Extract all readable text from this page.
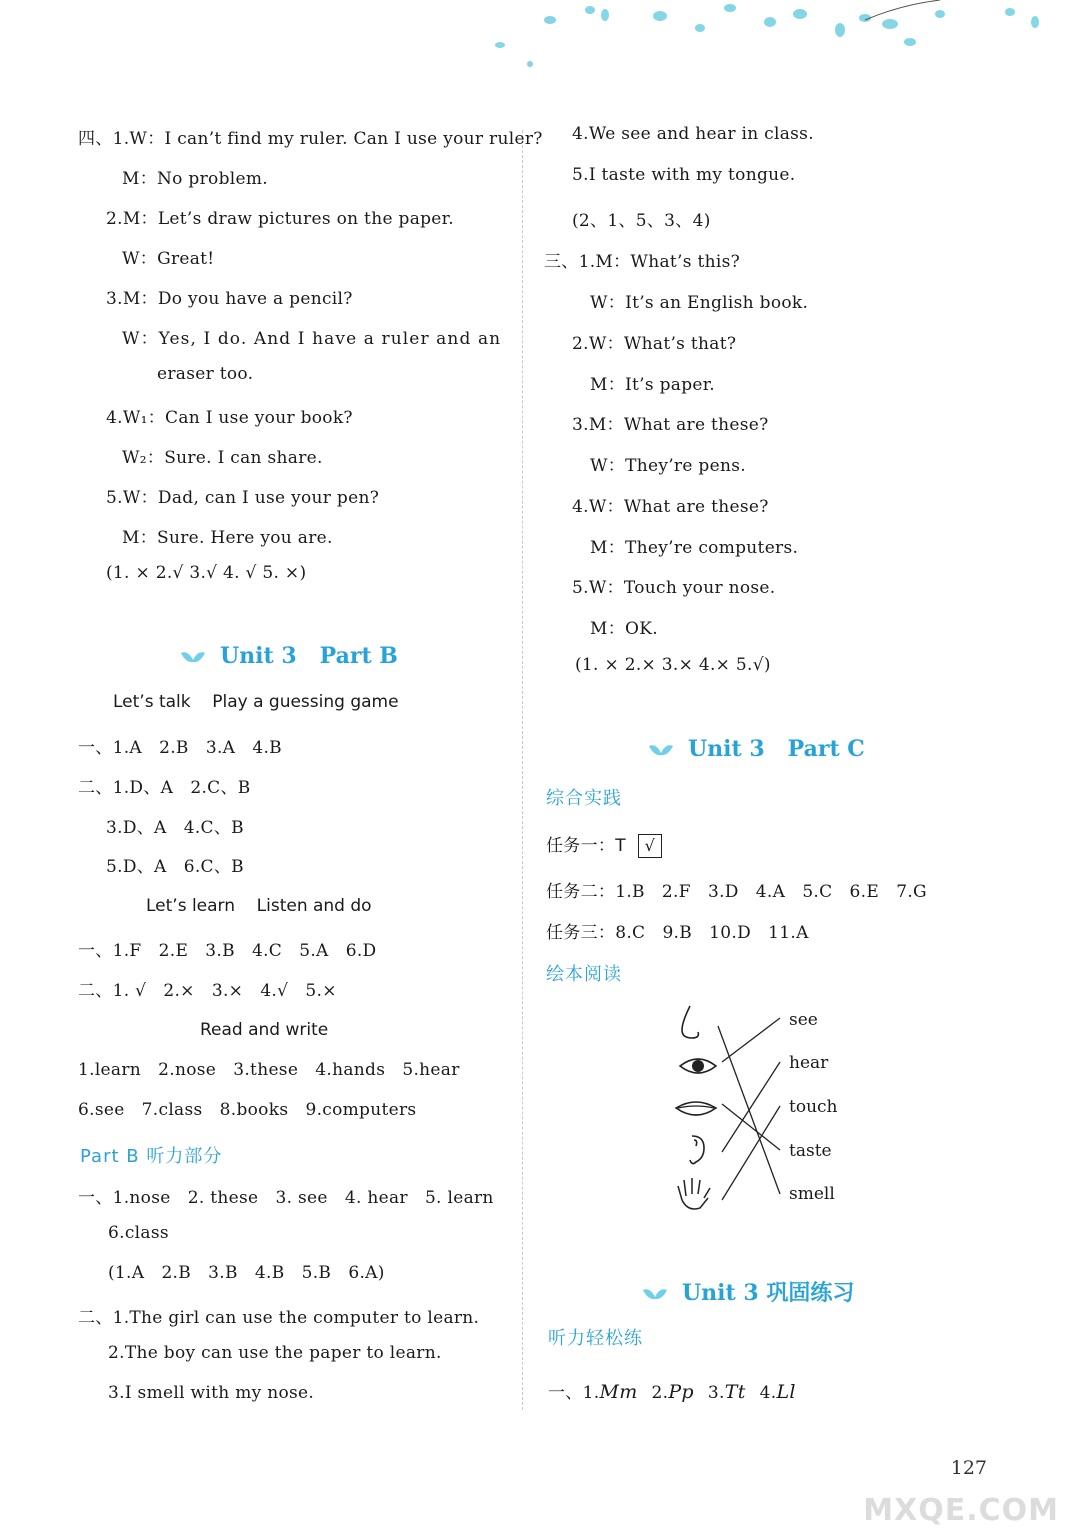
四、1.W：I can’t find my ruler. Can I use your ruler?
M：No problem.
2.M：Let’s draw pictures on the paper.
W：Great!
3.M：Do you have a pencil?
W：Yes, I do. And I have a ruler and an
eraser too.
4.W₁：Can I use your book?
W₂：Sure. I can share.
5.W：Dad, can I use your pen?
M：Sure. Here you are.
(1. × 2.√ 3.√ 4. √ 5. ×)
Unit 3   Part B
Let’s talk    Play a guessing game
一、1.A   2.B   3.A   4.B
二、1.D、A   2.C、B
3.D、A   4.C、B
5.D、A   6.C、B
Let’s learn    Listen and do
一、1.F   2.E   3.B   4.C   5.A   6.D
二、1. √   2.×   3.×   4.√   5.×
Read and write
1.learn   2.nose   3.these   4.hands   5.hear
6.see   7.class   8.books   9.computers
Part B 听力部分
一、1.nose   2. these   3. see   4. hear   5. learn
6.class
(1.A   2.B   3.B   4.B   5.B   6.A)
二、1.The girl can use the computer to learn.
2.The boy can use the paper to learn.
3.I smell with my nose.
4.We see and hear in class.
5.I taste with my tongue.
(2、1、5、3、4)
三、1.M：What’s this?
W：It’s an English book.
2.W：What’s that?
M：It’s paper.
3.M：What are these?
W：They’re pens.
4.W：What are these?
M：They’re computers.
5.W：Touch your nose.
M：OK.
(1. × 2.× 3.× 4.× 5.√)
Unit 3   Part C
综合实践
任务一：T √
任务二：1.B   2.F   3.D   4.A   5.C   6.E   7.G
任务三：8.C   9.B   10.D   11.A
绘本阅读
see
hear
touch
taste
smell
Unit 3 巩固练习
听力轻松练
一、1.Mm 2.Pp 3.Tt 4.Ll
127
MXQE.COM
